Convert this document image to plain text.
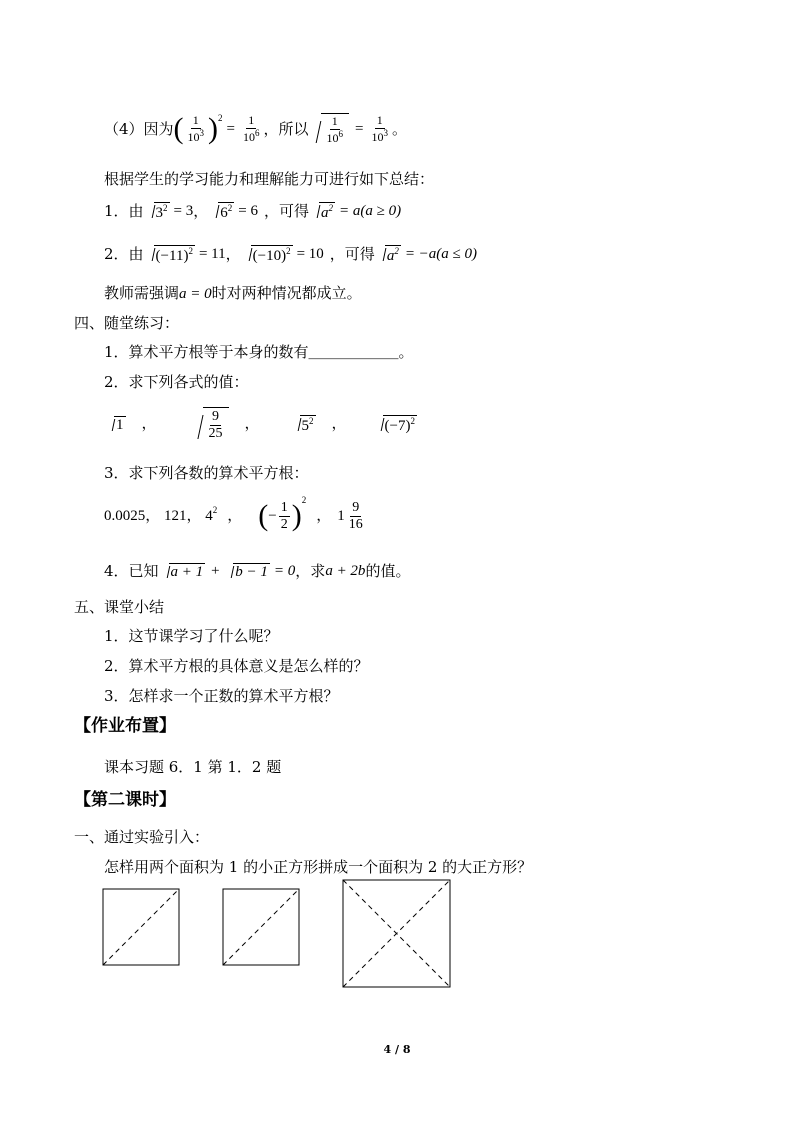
（4）因为 ( $\frac{1}{10^3}$ ) 2
= $\frac{1}{10^6}$ ，所以 $\frac{1}{10^6} = \frac{1}{10^3}$ 。
根据学生的学习能力和理解能力可进行如下总结：
1．由 $3^2 = 3$ ， $6^2 = 6$ ，可得 $a^2 = a(a \ge 0)$
2．由 $(-11)^2 = 11$ ， $(-10)^2 = 10$ ，可得 $a^2 = -a(a \le 0)$
教师需强调a = 0时对两种情况都成立。
四、随堂练习：
1．算术平方根等于本身的数有＿＿＿＿＿＿。
2．求下列各式的值：
1 ，	$\frac{9}{25}$ ，	$5^2$ ，	$(-7)^2$
3．求下列各数的算术平方根：
0.0025， 121， 4 2 ， ( − $\frac{1}{2}$ ) 2
， $1 \frac{9}{16}$
4．已知 a + 1 +	b − 1 = 0 ，求 a + 2b 的值。
五、课堂小结
1．这节课学习了什么呢？
2．算术平方根的具体意义是怎么样的？
3．怎样求一个正数的算术平方根？
【作业布置】
课本习题 6．1 第 1．2 题
【第二课时】
一、通过实验引入：
怎样用两个面积为 1 的小正方形拼成一个面积为 2 的大正方形？
4 / 8
